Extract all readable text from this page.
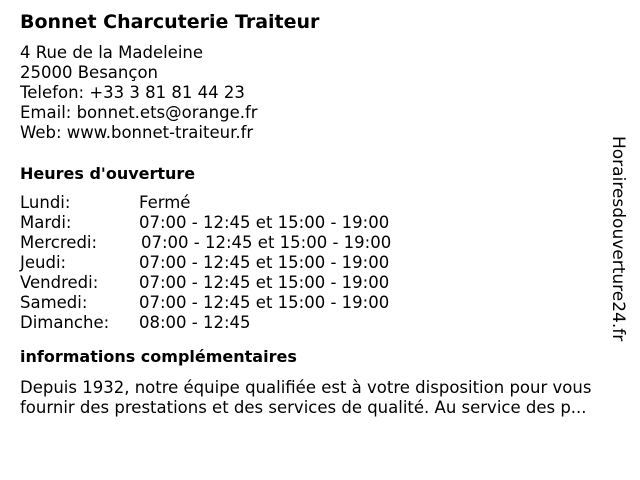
Bonnet Charcuterie Traiteur
4 Rue de la Madeleine
25000 Besançon
Telefon: +33 3 81 81 44 23
Email: bonnet.ets@orange.fr
Web: www.bonnet-traiteur.fr
Heures d'ouverture
Lundi:	Fermé
Mardi:	07:00 - 12:45 et 15:00 - 19:00
Mercredi:	07:00 - 12:45 et 15:00 - 19:00
Jeudi:	07:00 - 12:45 et 15:00 - 19:00
Vendredi: 07:00 - 12:45 et 15:00 - 19:00
Samedi:	07:00 - 12:45 et 15:00 - 19:00
Dimanche: 08:00 - 12:45
informations complémentaires
Depuis 1932, notre équipe qualifiée est à votre disposition pour vous fournir des prestations et des services de qualité. Au service des p...
Horairesdouverture24.fr
